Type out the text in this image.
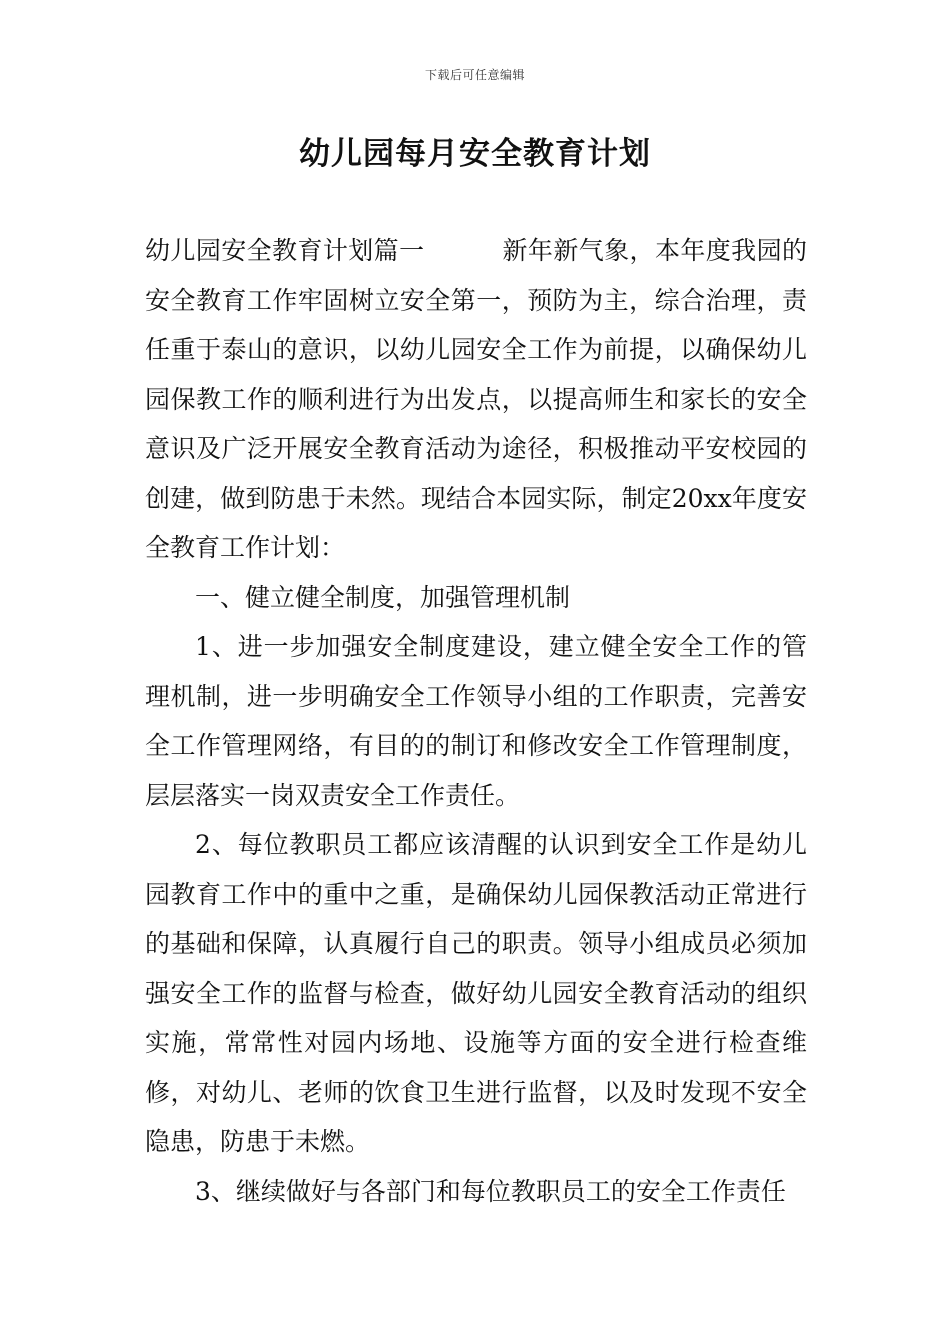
下载后可任意编辑
幼儿园每月安全教育计划

幼儿园安全教育计划篇一	新年新气象，本年度我园的安全教育工作牢固树立安全第一，预防为主，综合治理，责任重于泰山的意识，以幼儿园安全工作为前提，以确保幼儿园保教工作的顺利进行为出发点，以提高师生和家长的安全意识及广泛开展安全教育活动为途径，积极推动平安校园的创建，做到防患于未然。现结合本园实际，制定20xx年度安全教育工作计划：

一、健立健全制度，加强管理机制

1、进一步加强安全制度建设，建立健全安全工作的管理机制，进一步明确安全工作领导小组的工作职责，完善安全工作管理网络，有目的的制订和修改安全工作管理制度，层层落实一岗双责安全工作责任。

2、每位教职员工都应该清醒的认识到安全工作是幼儿园教育工作中的重中之重，是确保幼儿园保教活动正常进行的基础和保障，认真履行自己的职责。领导小组成员必须加强安全工作的监督与检查，做好幼儿园安全教育活动的组织实施，常常性对园内场地、设施等方面的安全进行检查维修，对幼儿、老师的饮食卫生进行监督，以及时发现不安全隐患，防患于未燃。

3、继续做好与各部门和每位教职员工的安全工作责任
